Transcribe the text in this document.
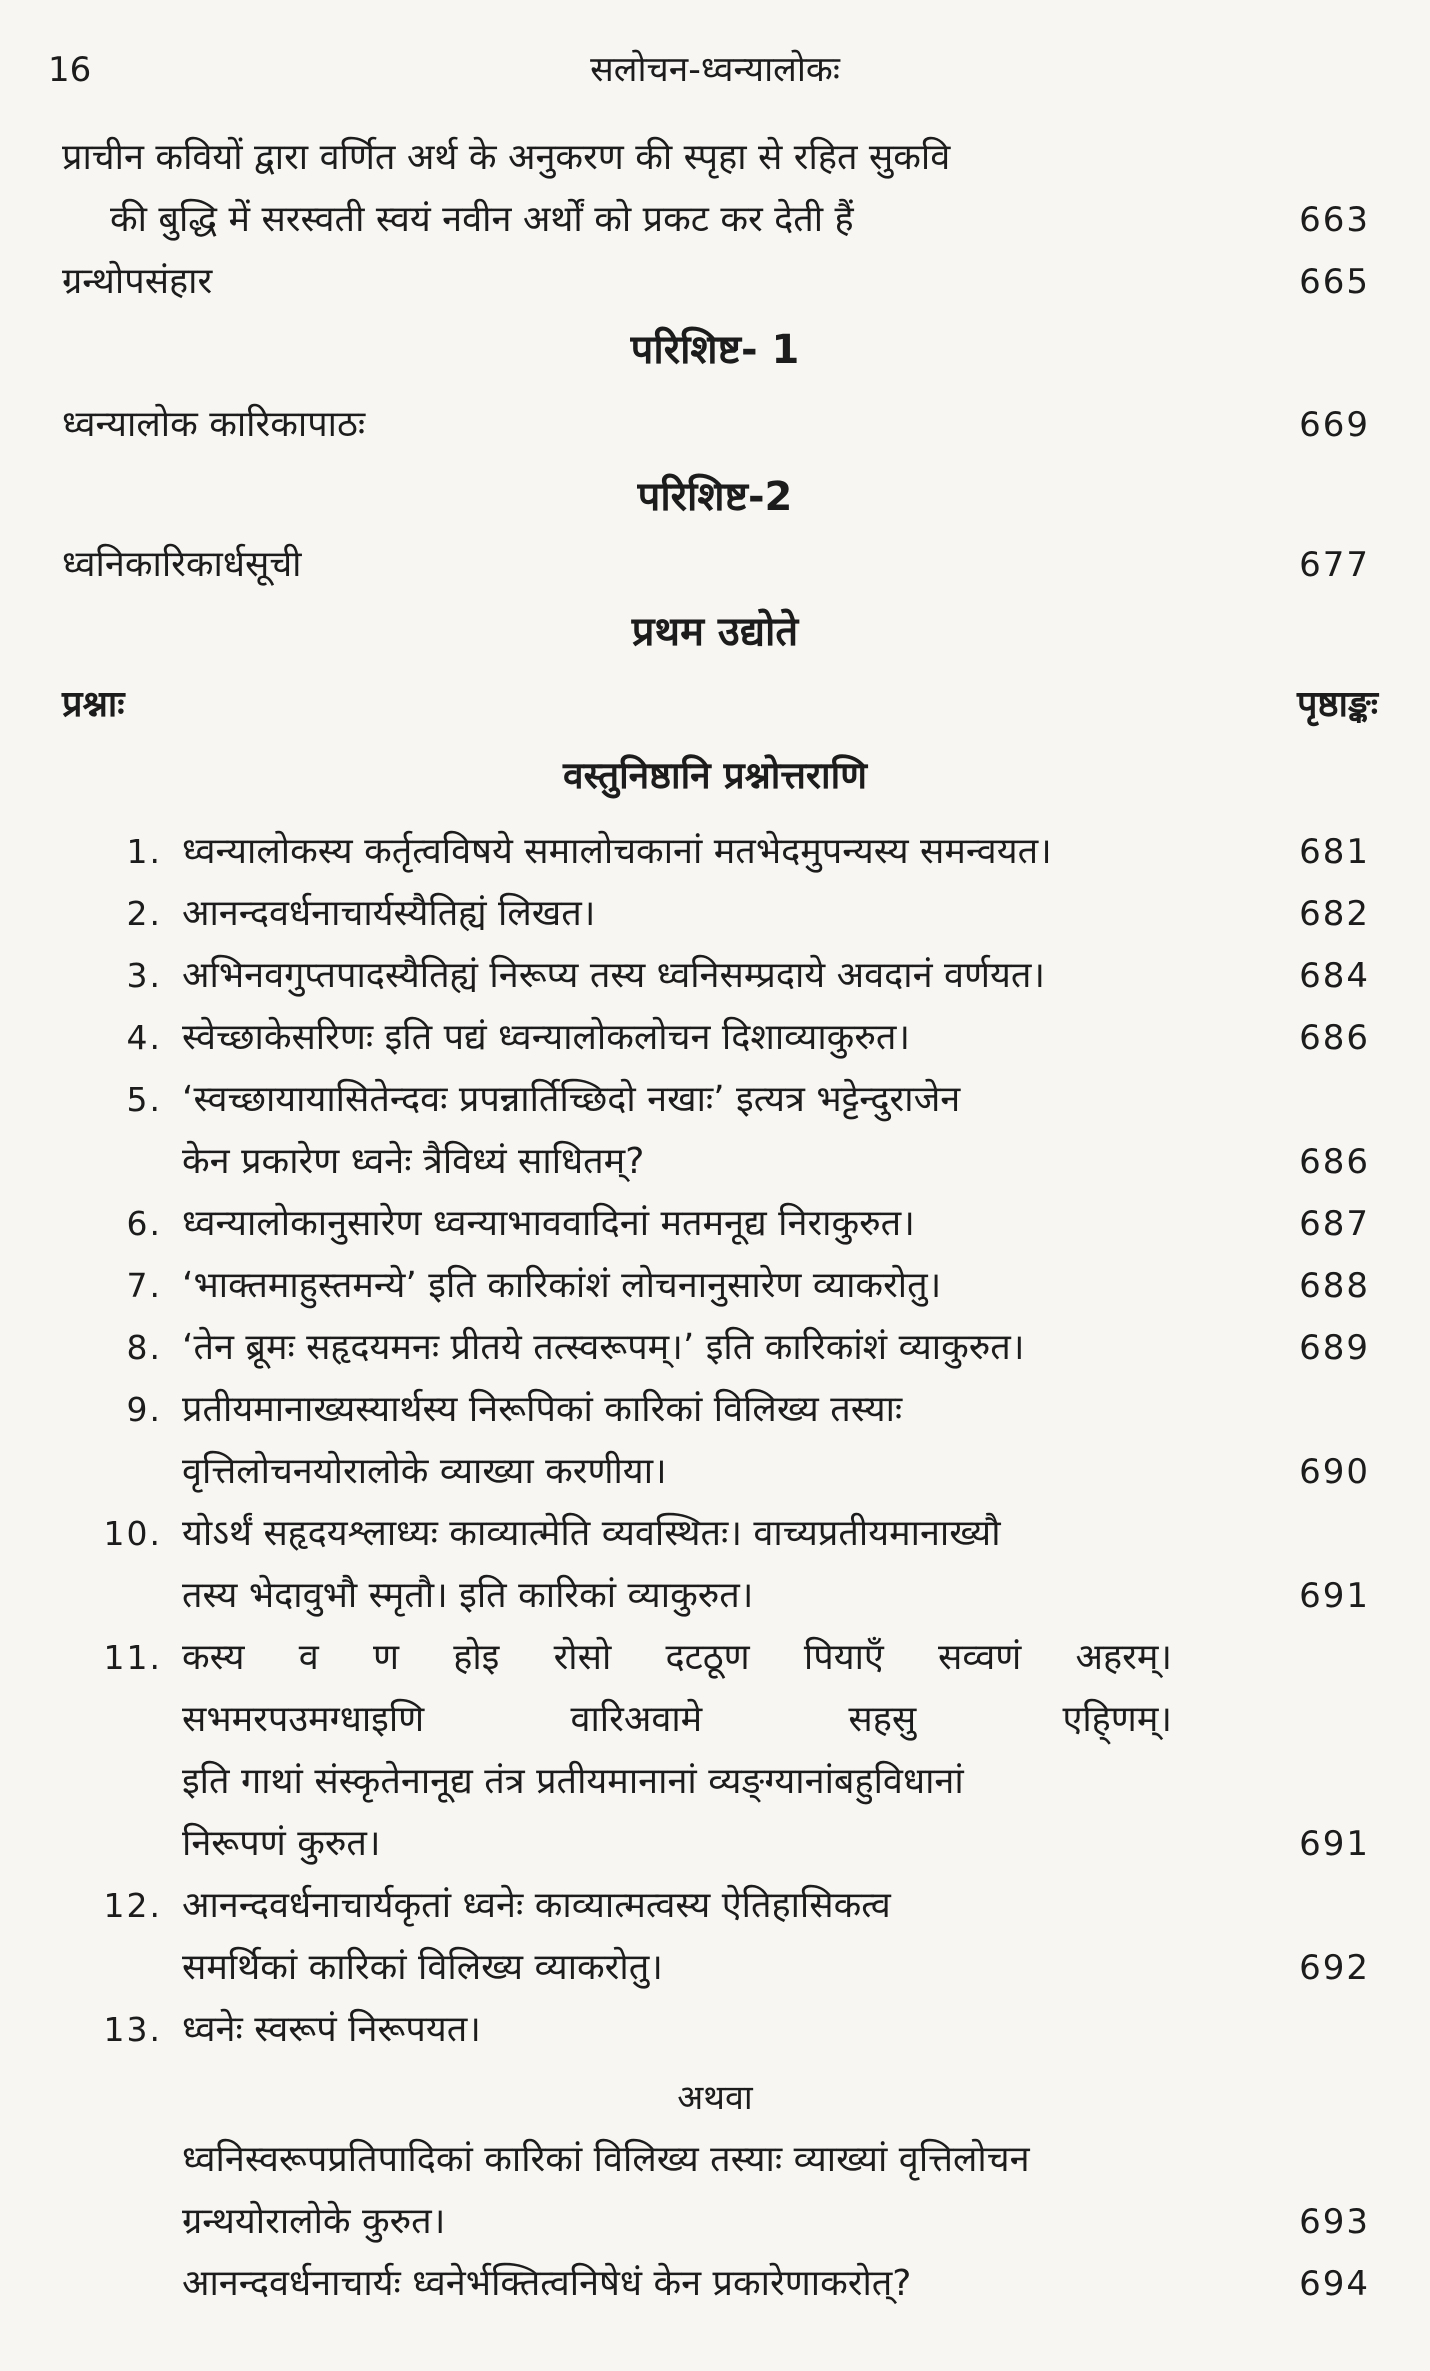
16	सलोचन-ध्वन्यालोकः
प्राचीन कवियों द्वारा वर्णित अर्थ के अनुकरण की स्पृहा से रहित सुकवि
की बुद्धि में सरस्वती स्वयं नवीन अर्थों को प्रकट कर देती हैं	663
ग्रन्थोपसंहार	665
परिशिष्ट- 1
ध्वन्यालोक कारिकापाठः	669
परिशिष्ट-2
ध्वनिकारिकार्धसूची	677
प्रथम उद्योते
प्रश्नाः	पृष्ठाङ्कः
वस्तुनिष्ठानि प्रश्नोत्तराणि
अथवा
1. ध्वन्यालोकस्य कर्तृत्वविषये समालोचकानां मतभेदमुपन्यस्य समन्वयत।	681
2. आनन्दवर्धनाचार्यस्यैतिह्यं लिखत।	682
3. अभिनवगुप्तपादस्यैतिह्यं निरूप्य तस्य ध्वनिसम्प्रदाये अवदानं वर्णयत।	684
4. स्वेच्छाकेसरिणः इति पद्यं ध्वन्यालोकलोचन दिशाव्याकुरुत।	686
5. ‘स्वच्छायायासितेन्दवः प्रपन्नार्तिच्छिदो नखाः’ इत्यत्र भट्टेन्दुराजेन
केन प्रकारेण ध्वनेः त्रैविध्यं साधितम्?	686
6. ध्वन्यालोकानुसारेण ध्वन्याभाववादिनां मतमनूद्य निराकुरुत।	687
7. ‘भाक्तमाहुस्तमन्ये’ इति कारिकांशं लोचनानुसारेण व्याकरोतु।	688
8. ‘तेन ब्रूमः सहृदयमनः प्रीतये तत्स्वरूपम्।’ इति कारिकांशं व्याकुरुत।	689
9. प्रतीयमानाख्यस्यार्थस्य निरूपिकां कारिकां विलिख्य तस्याः
वृत्तिलोचनयोरालोके व्याख्या करणीया।	690
10. योऽर्थं सहृदयश्लाध्यः काव्यात्मेति व्यवस्थितः। वाच्यप्रतीयमानाख्यौ
तस्य भेदावुभौ स्मृतौ। इति कारिकां व्याकुरुत।	691
11. कस्य व ण होइ रोसो दटठूण पियाएँ सव्वणं अहरम्।
सभमरपउमग्धाइणि वारिअवामे सहसु एहि्णम्।
इति गाथां संस्कृतेनानूद्य तंत्र प्रतीयमानानां व्यङ्ग्यानांबहुविधानां
निरूपणं कुरुत।	691
12. आनन्दवर्धनाचार्यकृतां ध्वनेः काव्यात्मत्वस्य ऐतिहासिकत्व
समर्थिकां कारिकां विलिख्य व्याकरोतु।	692
13. ध्वनेः स्वरूपं निरूपयत।
ध्वनिस्वरूपप्रतिपादिकां कारिकां विलिख्य तस्याः व्याख्यां वृत्तिलोचन
ग्रन्थयोरालोके कुरुत।	693
आनन्दवर्धनाचार्यः ध्वनेर्भक्तित्वनिषेधं केन प्रकारेणाकरोत्?	694
